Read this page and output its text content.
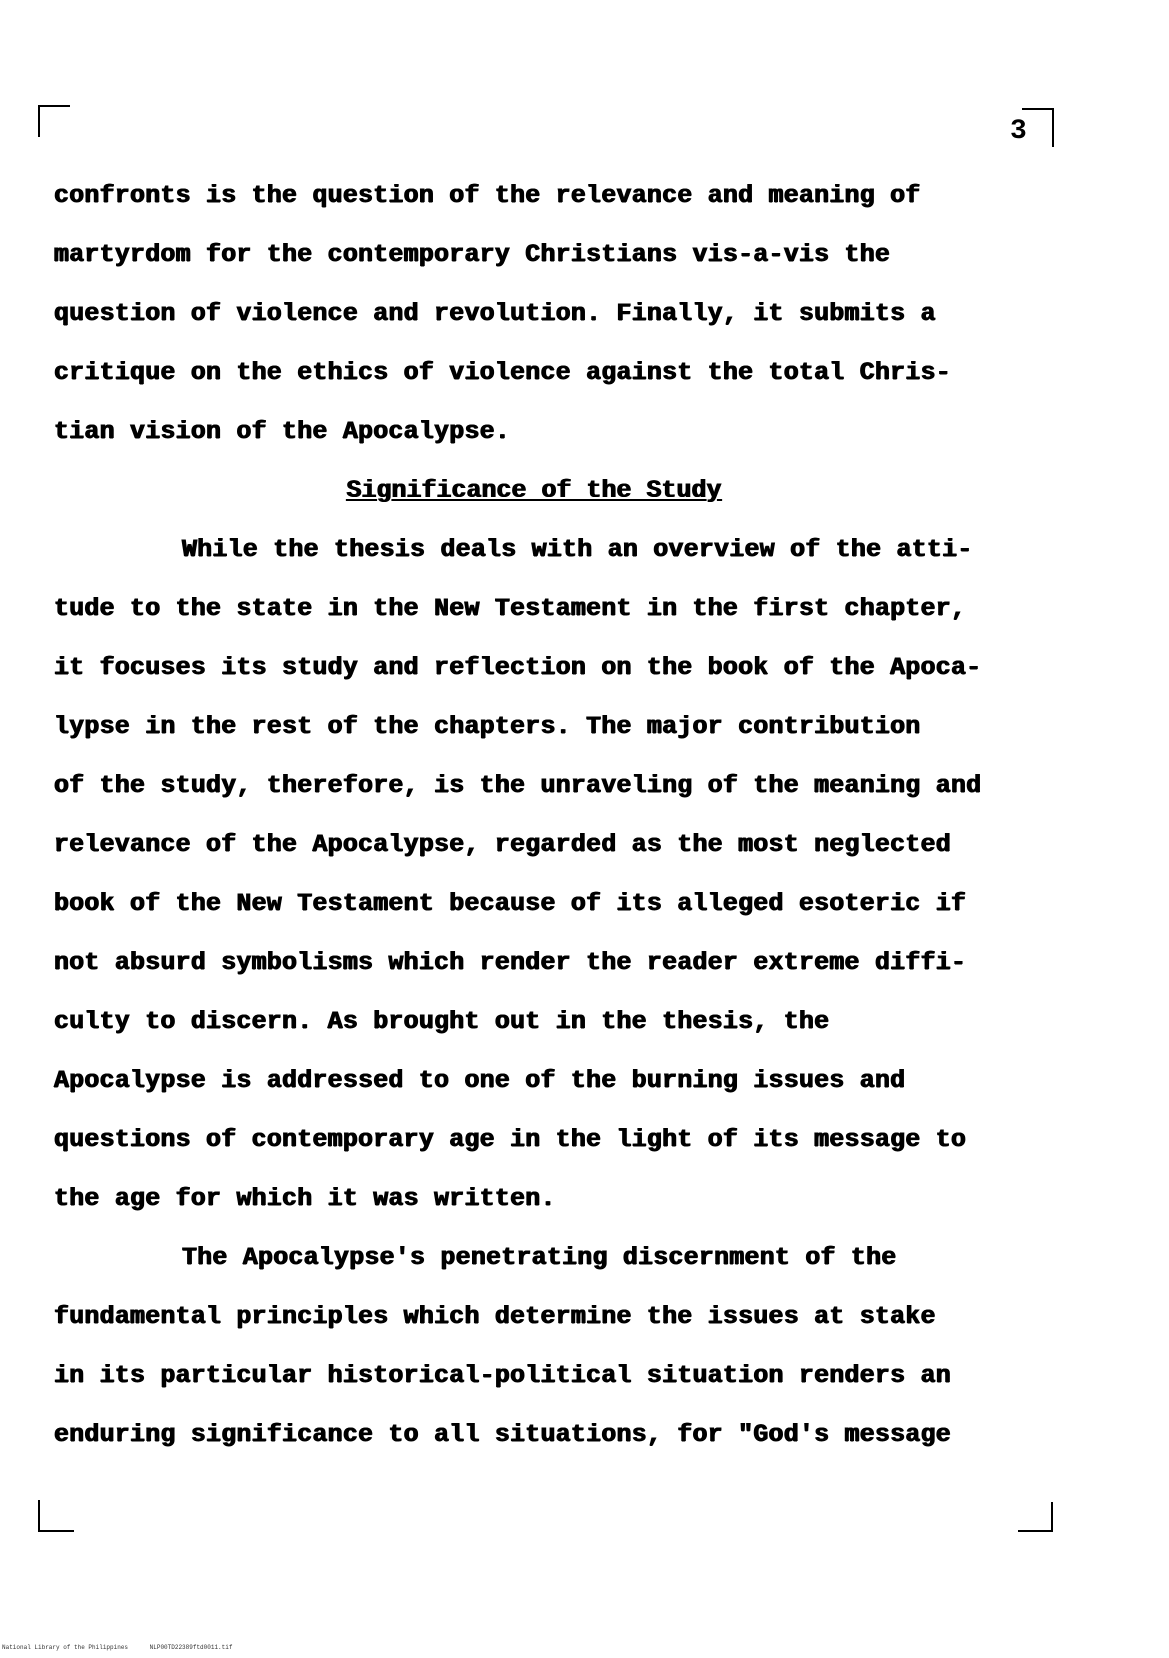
3

confronts is the question of the relevance and meaning of

martyrdom for the contemporary Christians vis-a-vis the

question of violence and revolution. Finally, it submits a

critique on the ethics of violence against the total Chris-

tian vision of the Apocalypse.

Significance of the Study

While the thesis deals with an overview of the atti-

tude to the state in the New Testament in the first chapter,

it focuses its study and reflection on the book of the Apoca-

lypse in the rest of the chapters. The major contribution

of the study, therefore, is the unraveling of the meaning and

relevance of the Apocalypse, regarded as the most neglected

book of the New Testament because of its alleged esoteric if

not absurd symbolisms which render the reader extreme diffi-

culty to discern. As brought out in the thesis, the

Apocalypse is addressed to one of the burning issues and

questions of contemporary age in the light of its message to

the age for which it was written.

The Apocalypse's penetrating discernment of the

fundamental principles which determine the issues at stake

in its particular historical-political situation renders an

enduring significance to all situations, for "God's message

National Library of the Philippines	NLP00TD22389ftd0011.tif
